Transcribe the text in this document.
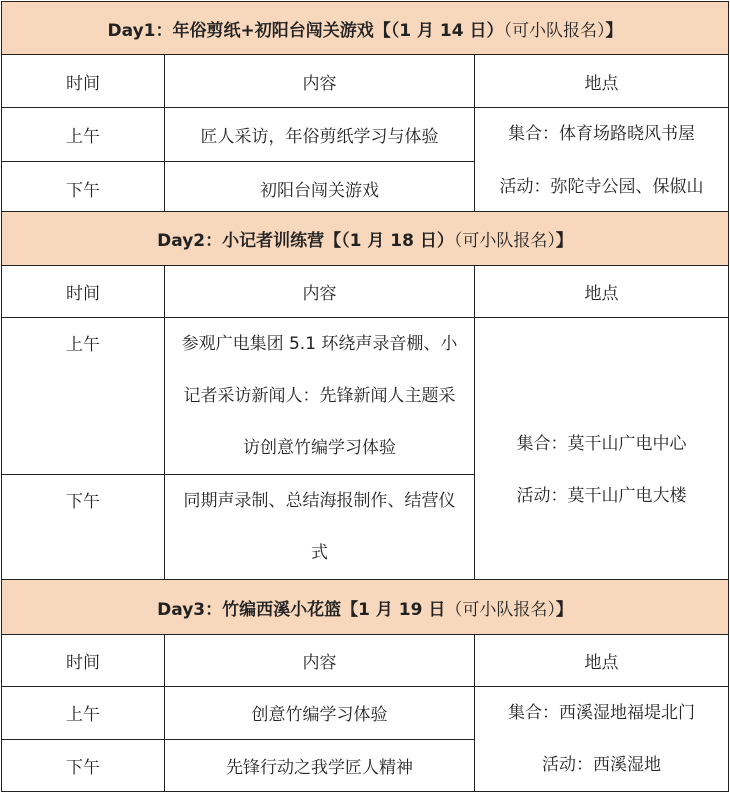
Day1：年俗剪纸+初阳台闯关游戏【（1 月 14 日）（可小队报名）】		
时间	内容	地点
上午	匠人采访，年俗剪纸学习与体验	集合：体育场路晓风书屋
活动：弥陀寺公园、保俶山

下午	初阳台闯关游戏	
Day2：小记者训练营【（1 月 18 日）（可小队报名）】		
时间	内容	地点
上午	参观广电集团 5.1 环绕声录音棚、小
记者采访新闻人：先锋新闻人主题采
访创意竹编学习体验	集合：莫干山广电中心
活动：莫干山广电大楼

下午	同期声录制、总结海报制作、结营仪
式	
Day3：竹编西溪小花篮【1 月 19 日（可小队报名）】		
时间	内容	地点
上午	创意竹编学习体验	集合：西溪湿地福堤北门
活动：西溪湿地

下午	先锋行动之我学匠人精神	
